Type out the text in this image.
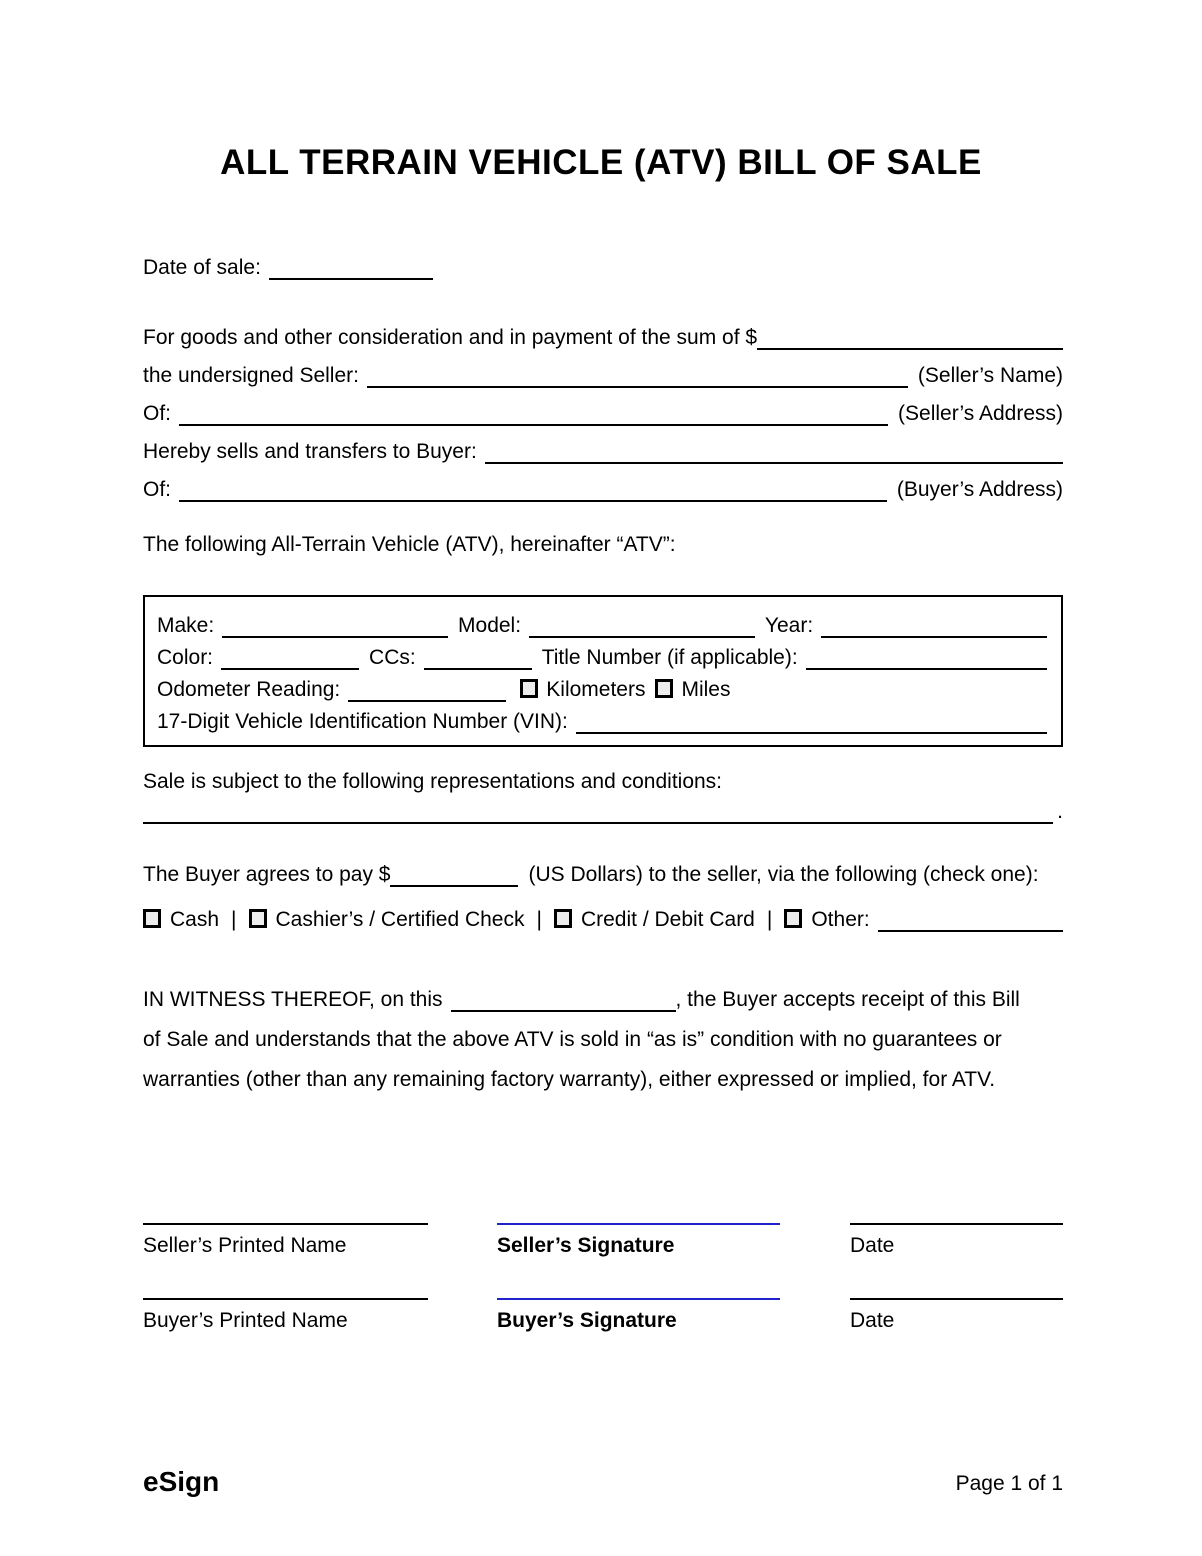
ALL TERRAIN VEHICLE (ATV) BILL OF SALE
Date of sale:
For goods and other consideration and in payment of the sum of $
the undersigned Seller:	(Seller’s Name)
Of:	(Seller’s Address)
Hereby sells and transfers to Buyer:
Of:	(Buyer’s Address)
The following All-Terrain Vehicle (ATV), hereinafter “ATV”:
Make:	Model:	Year:
Color:	CCs:	Title Number (if applicable):
Odometer Reading:	Kilometers Miles
17-Digit Vehicle Identification Number (VIN):
Sale is subject to the following representations and conditions:
.
The Buyer agrees to pay $	(US Dollars) to the seller, via the following (check one):
Cash | Cashier’s / Certified Check | Credit / Debit Card | Other:
IN WITNESS THEREOF, on this	, the Buyer accepts receipt of this Bill
of Sale and understands that the above ATV is sold in “as is” condition with no guarantees or
warranties (other than any remaining factory warranty), either expressed or implied, for ATV.
Seller’s Printed Name	Seller’s Signature	Date
Buyer’s Printed Name	Buyer’s Signature	Date
eSign	Page 1 of 1
